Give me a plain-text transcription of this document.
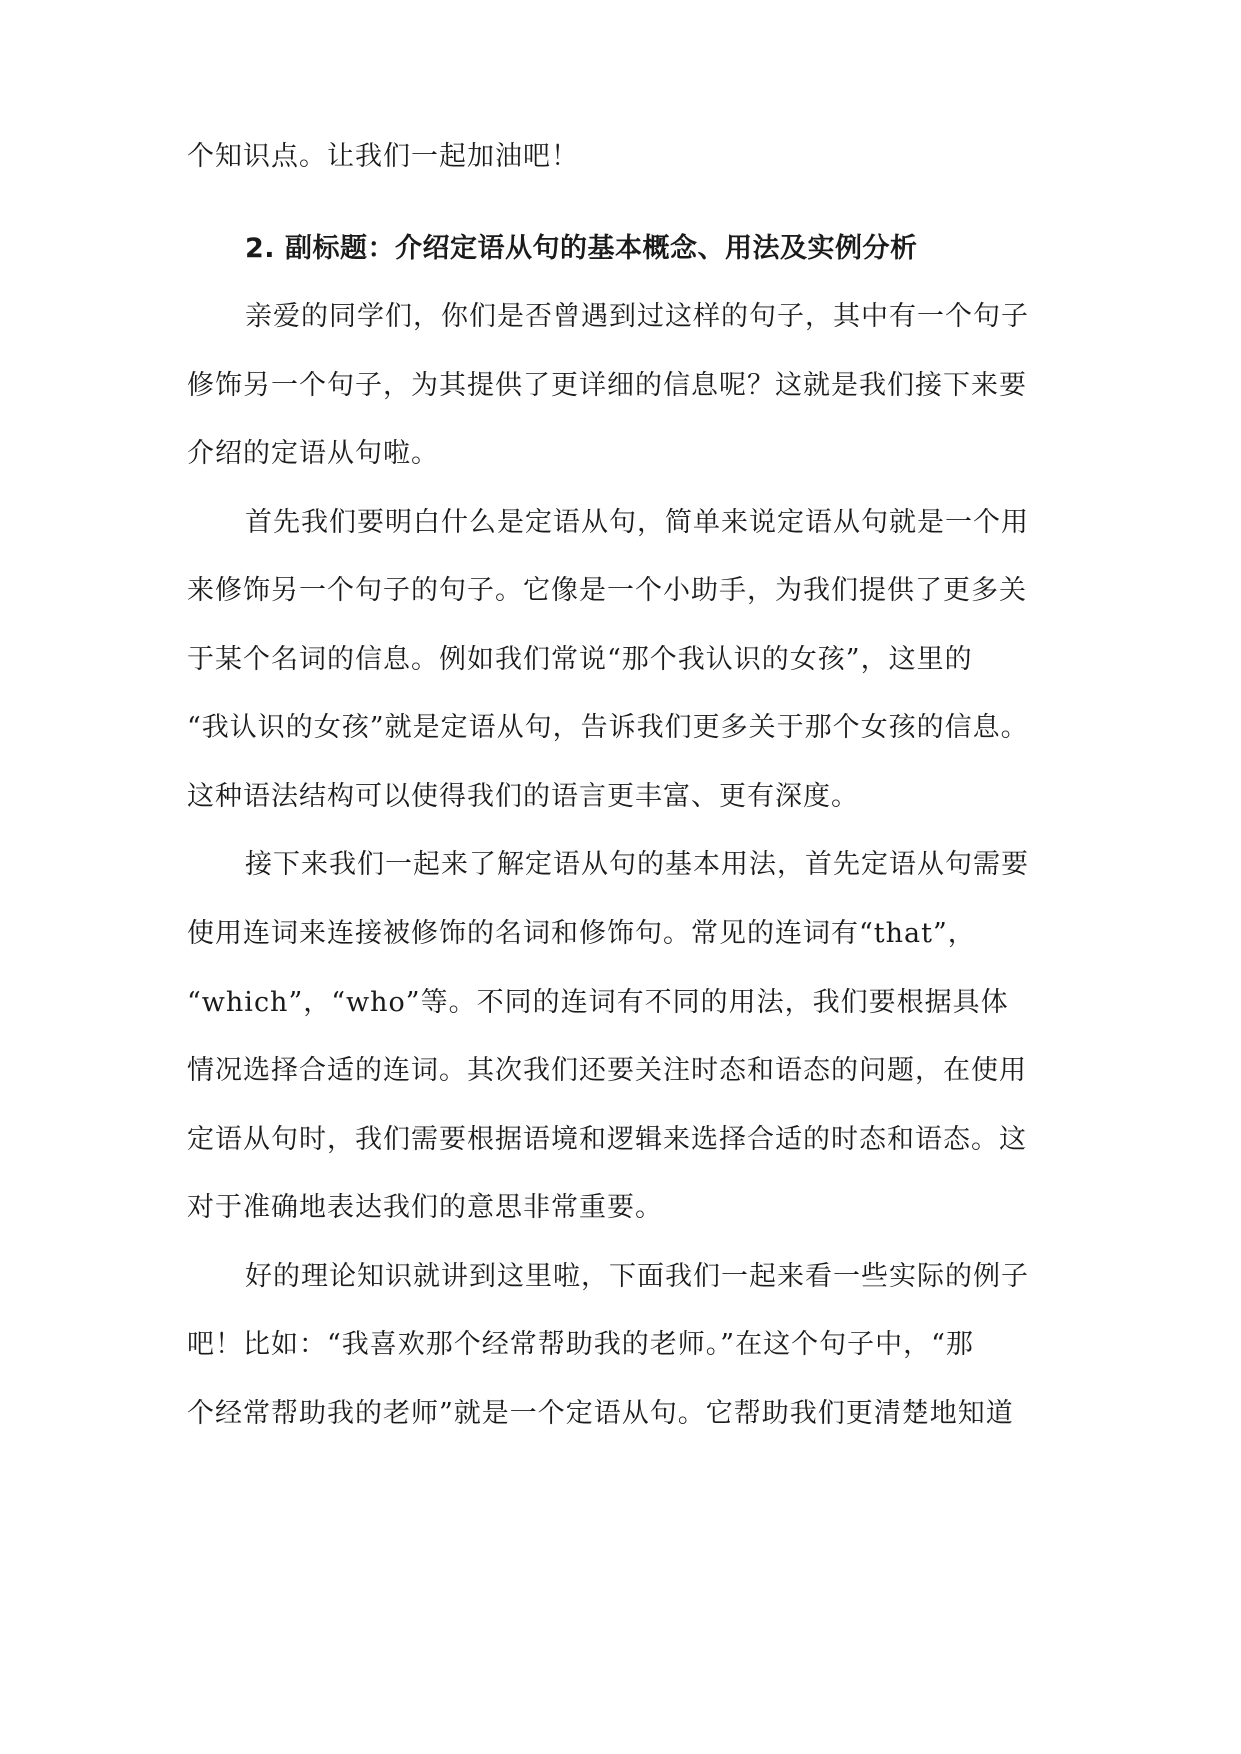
个知识点。让我们一起加油吧！
2. 副标题：介绍定语从句的基本概念、用法及实例分析
亲爱的同学们，你们是否曾遇到过这样的句子，其中有一个句子
修饰另一个句子，为其提供了更详细的信息呢？这就是我们接下来要
介绍的定语从句啦。
首先我们要明白什么是定语从句，简单来说定语从句就是一个用
来修饰另一个句子的句子。它像是一个小助手，为我们提供了更多关
于某个名词的信息。例如我们常说“那个我认识的女孩”，这里的
“我认识的女孩”就是定语从句，告诉我们更多关于那个女孩的信息。
这种语法结构可以使得我们的语言更丰富、更有深度。
接下来我们一起来了解定语从句的基本用法，首先定语从句需要
使用连词来连接被修饰的名词和修饰句。常见的连词有“that”，
“which”，“who”等。不同的连词有不同的用法，我们要根据具体
情况选择合适的连词。其次我们还要关注时态和语态的问题，在使用
定语从句时，我们需要根据语境和逻辑来选择合适的时态和语态。这
对于准确地表达我们的意思非常重要。
好的理论知识就讲到这里啦，下面我们一起来看一些实际的例子
吧！比如：“我喜欢那个经常帮助我的老师。”在这个句子中，“那
个经常帮助我的老师”就是一个定语从句。它帮助我们更清楚地知道
